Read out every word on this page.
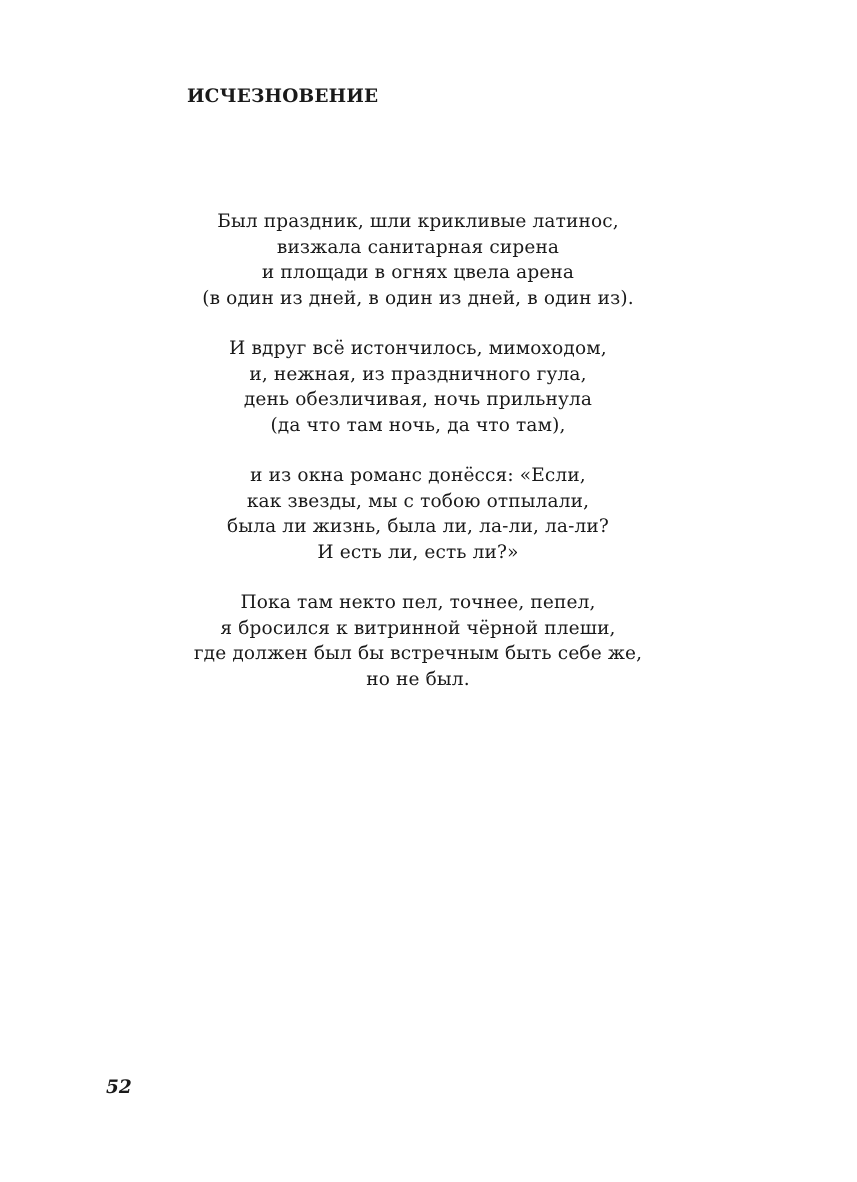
ИСЧЕЗНОВЕНИЕ
Был праздник, шли крикливые латинос,
визжала санитарная сирена
и площади в огнях цвела арена
(в один из дней, в один из дней, в один из).
И вдруг всё истончилось, мимоходом,
и, нежная, из праздничного гула,
день обезличивая, ночь прильнула
(да что там ночь, да что там),
и из окна романс донёсся: «Если,
как звезды, мы с тобою отпылали,
была ли жизнь, была ли, ла-ли, ла-ли?
И есть ли, есть ли?»
Пока там некто пел, точнее, пепел,
я бросился к витринной чёрной плеши,
где должен был бы встречным быть себе же,
но не был.
52
